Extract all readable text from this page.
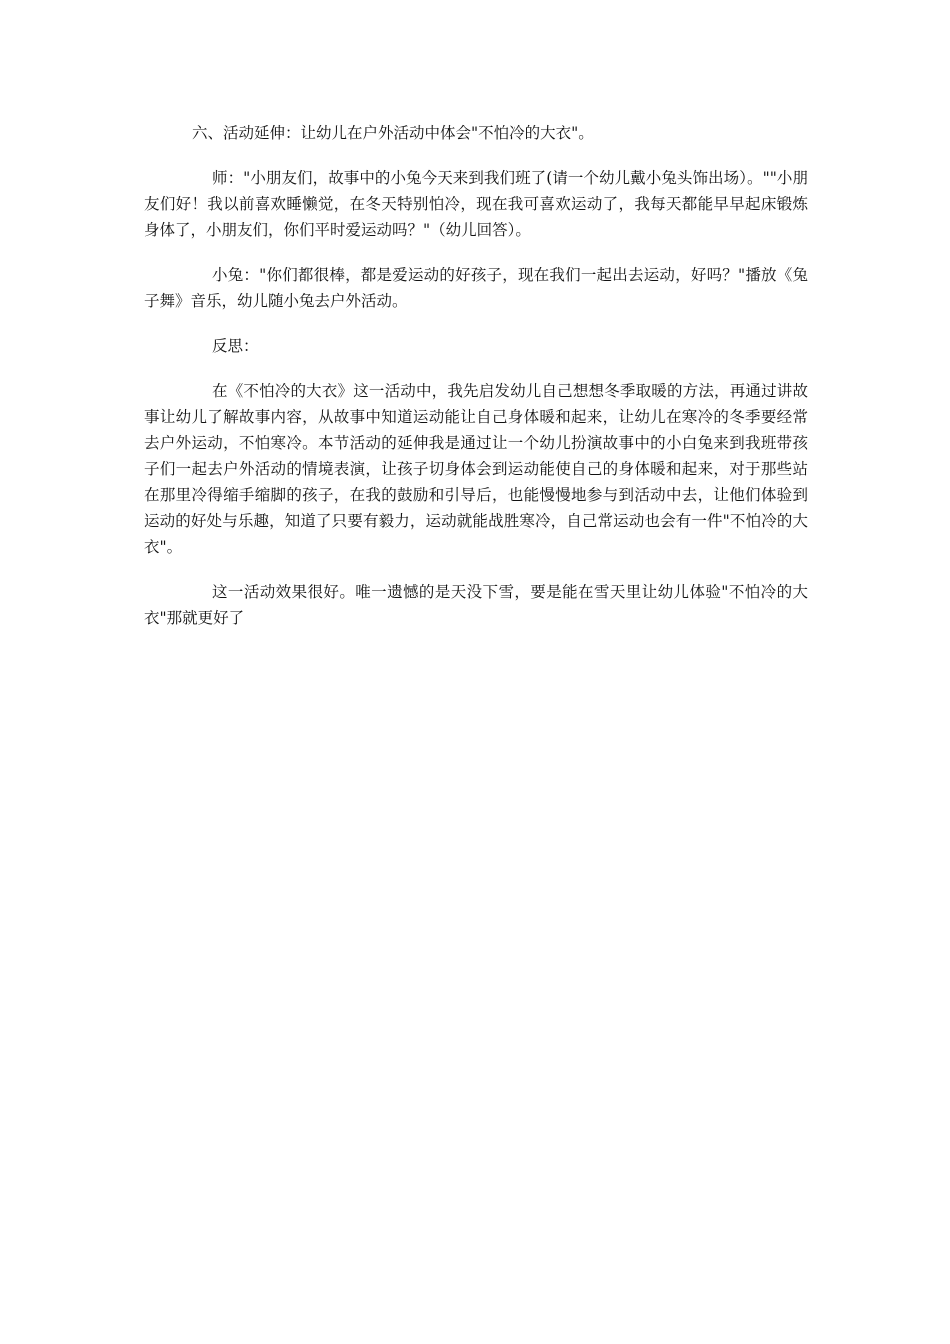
六、活动延伸：让幼儿在户外活动中体会"不怕冷的大衣"。

师："小朋友们，故事中的小兔今天来到我们班了(请一个幼儿戴小兔头饰出场）。""小朋友们好！我以前喜欢睡懒觉，在冬天特别怕冷，现在我可喜欢运动了，我每天都能早早起床锻炼身体了，小朋友们，你们平时爱运动吗？"（幼儿回答）。

小兔："你们都很棒，都是爱运动的好孩子，现在我们一起出去运动，好吗？"播放《兔子舞》音乐，幼儿随小兔去户外活动。

反思：

在《不怕冷的大衣》这一活动中，我先启发幼儿自己想想冬季取暖的方法，再通过讲故事让幼儿了解故事内容，从故事中知道运动能让自己身体暖和起来，让幼儿在寒冷的冬季要经常去户外运动，不怕寒冷。本节活动的延伸我是通过让一个幼儿扮演故事中的小白兔来到我班带孩子们一起去户外活动的情境表演，让孩子切身体会到运动能使自己的身体暖和起来，对于那些站在那里冷得缩手缩脚的孩子，在我的鼓励和引导后，也能慢慢地参与到活动中去，让他们体验到运动的好处与乐趣，知道了只要有毅力，运动就能战胜寒冷，自己常运动也会有一件"不怕冷的大衣"。

这一活动效果很好。唯一遗憾的是天没下雪，要是能在雪天里让幼儿体验"不怕冷的大衣"那就更好了
